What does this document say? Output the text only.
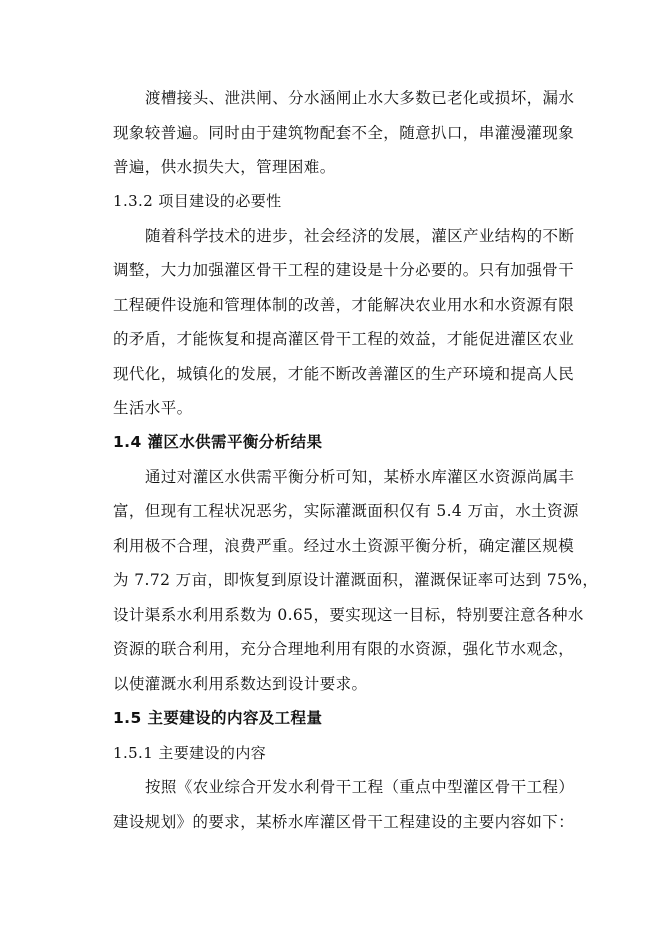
渡槽接头、泄洪闸、分水涵闸止水大多数已老化或损坏，漏水
现象较普遍。同时由于建筑物配套不全，随意扒口，串灌漫灌现象
普遍，供水损失大，管理困难。
1.3.2 项目建设的必要性
随着科学技术的进步，社会经济的发展，灌区产业结构的不断
调整，大力加强灌区骨干工程的建设是十分必要的。只有加强骨干
工程硬件设施和管理体制的改善，才能解决农业用水和水资源有限
的矛盾，才能恢复和提高灌区骨干工程的效益，才能促进灌区农业
现代化，城镇化的发展，才能不断改善灌区的生产环境和提高人民
生活水平。
1.4 灌区水供需平衡分析结果
通过对灌区水供需平衡分析可知，某桥水库灌区水资源尚属丰
富，但现有工程状况恶劣，实际灌溉面积仅有 5.4 万亩，水土资源
利用极不合理，浪费严重。经过水土资源平衡分析，确定灌区规模
为 7.72 万亩，即恢复到原设计灌溉面积，灌溉保证率可达到 75%，
设计渠系水利用系数为 0.65，要实现这一目标，特别要注意各种水
资源的联合利用，充分合理地利用有限的水资源，强化节水观念，
以使灌溉水利用系数达到设计要求。
1.5 主要建设的内容及工程量
1.5.1 主要建设的内容
按照《农业综合开发水利骨干工程（重点中型灌区骨干工程）
建设规划》的要求，某桥水库灌区骨干工程建设的主要内容如下：
